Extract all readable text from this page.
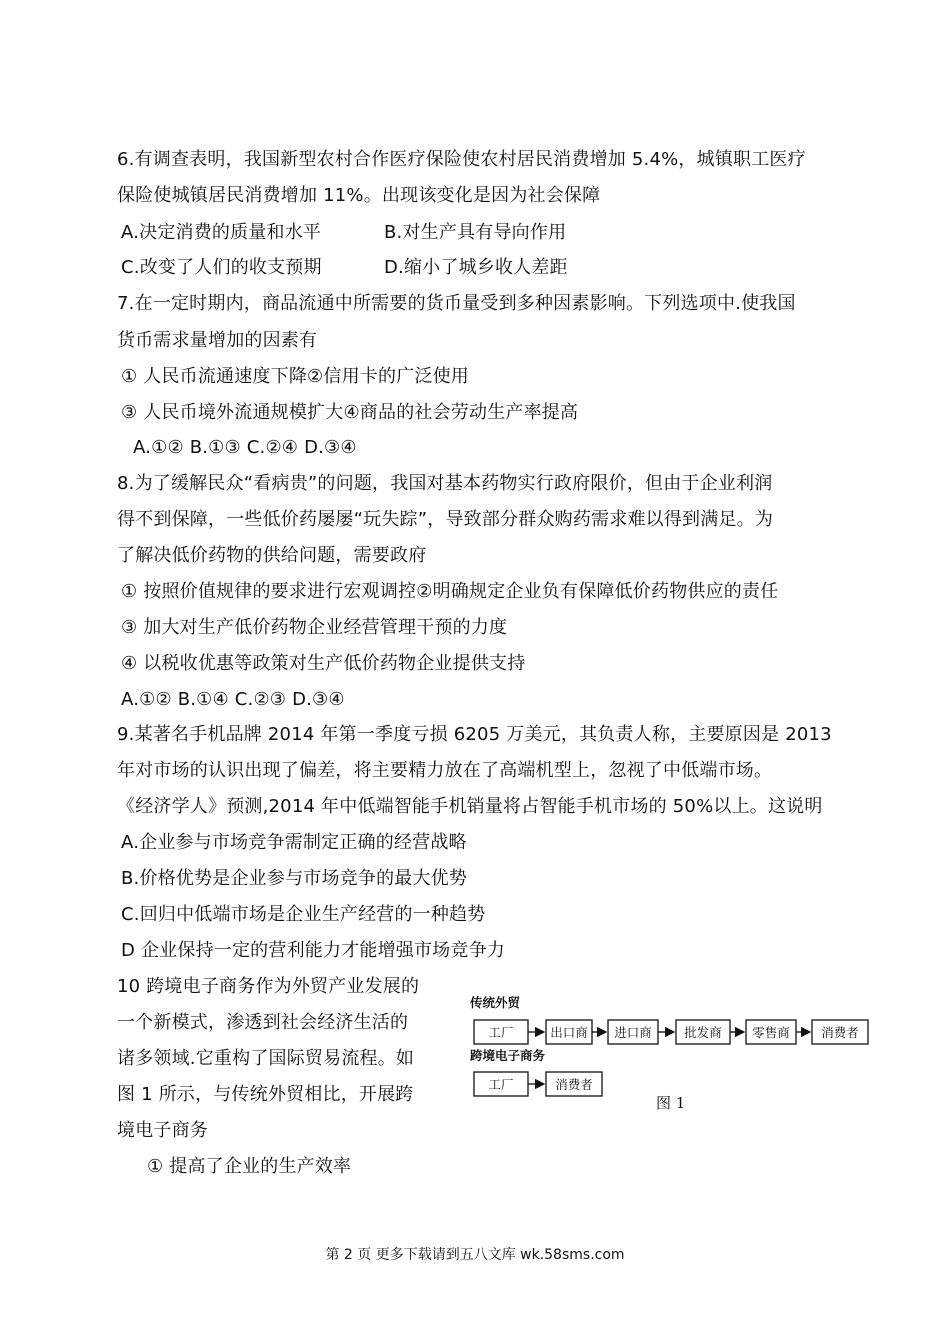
6.有调查表明，我国新型农村合作医疗保险使农村居民消费增加 5.4%，城镇职工医疗
保险使城镇居民消费增加 11%。出现该变化是因为社会保障
A.决定消费的质量和水平	B.对生产具有导向作用
C.改变了人们的收支预期	D.缩小了城乡收人差距
7.在一定时期内，商品流通中所需要的货币量受到多种因素影响。下列选项中.使我国
货币需求量增加的因素有
① 人民币流通速度下降②信用卡的广泛使用
③ 人民币境外流通规模扩大④商品的社会劳动生产率提高
A.①② B.①③ C.②④ D.③④
8.为了缓解民众“看病贵”的问题，我国对基本药物实行政府限价，但由于企业利润
得不到保障，一些低价药屡屡“玩失踪”，导致部分群众购药需求难以得到满足。为
了解决低价药物的供给问题，需要政府
① 按照价值规律的要求进行宏观调控②明确规定企业负有保障低价药物供应的责任
③ 加大对生产低价药物企业经营管理干预的力度
④ 以税收优惠等政策对生产低价药物企业提供支持
A.①② B.①④ C.②③ D.③④
9.某著名手机品牌 2014 年第一季度亏损 6205 万美元，其负责人称，主要原因是 2013
年对市场的认识出现了偏差，将主要精力放在了高端机型上，忽视了中低端市场。
《经济学人》预测,2014 年中低端智能手机销量将占智能手机市场的 50%以上。这说明
A.企业参与市场竞争需制定正确的经营战略
B.价格优势是企业参与市场竞争的最大优势
C.回归中低端市场是企业生产经营的一种趋势
D 企业保持一定的营利能力才能增强市场竞争力
10 跨境电子商务作为外贸产业发展的
一个新模式，渗透到社会经济生活的
诸多领域.它重构了国际贸易流程。如
图 1 所示，与传统外贸相比，开展跨
境电子商务
① 提高了企业的生产效率
传统外贸
工厂	出口商 进口商	批发商 零售商	消费者
跨境电子商务
工厂	消费者
图 1
第 2 页 更多下载请到五八文库 wk.58sms.com
